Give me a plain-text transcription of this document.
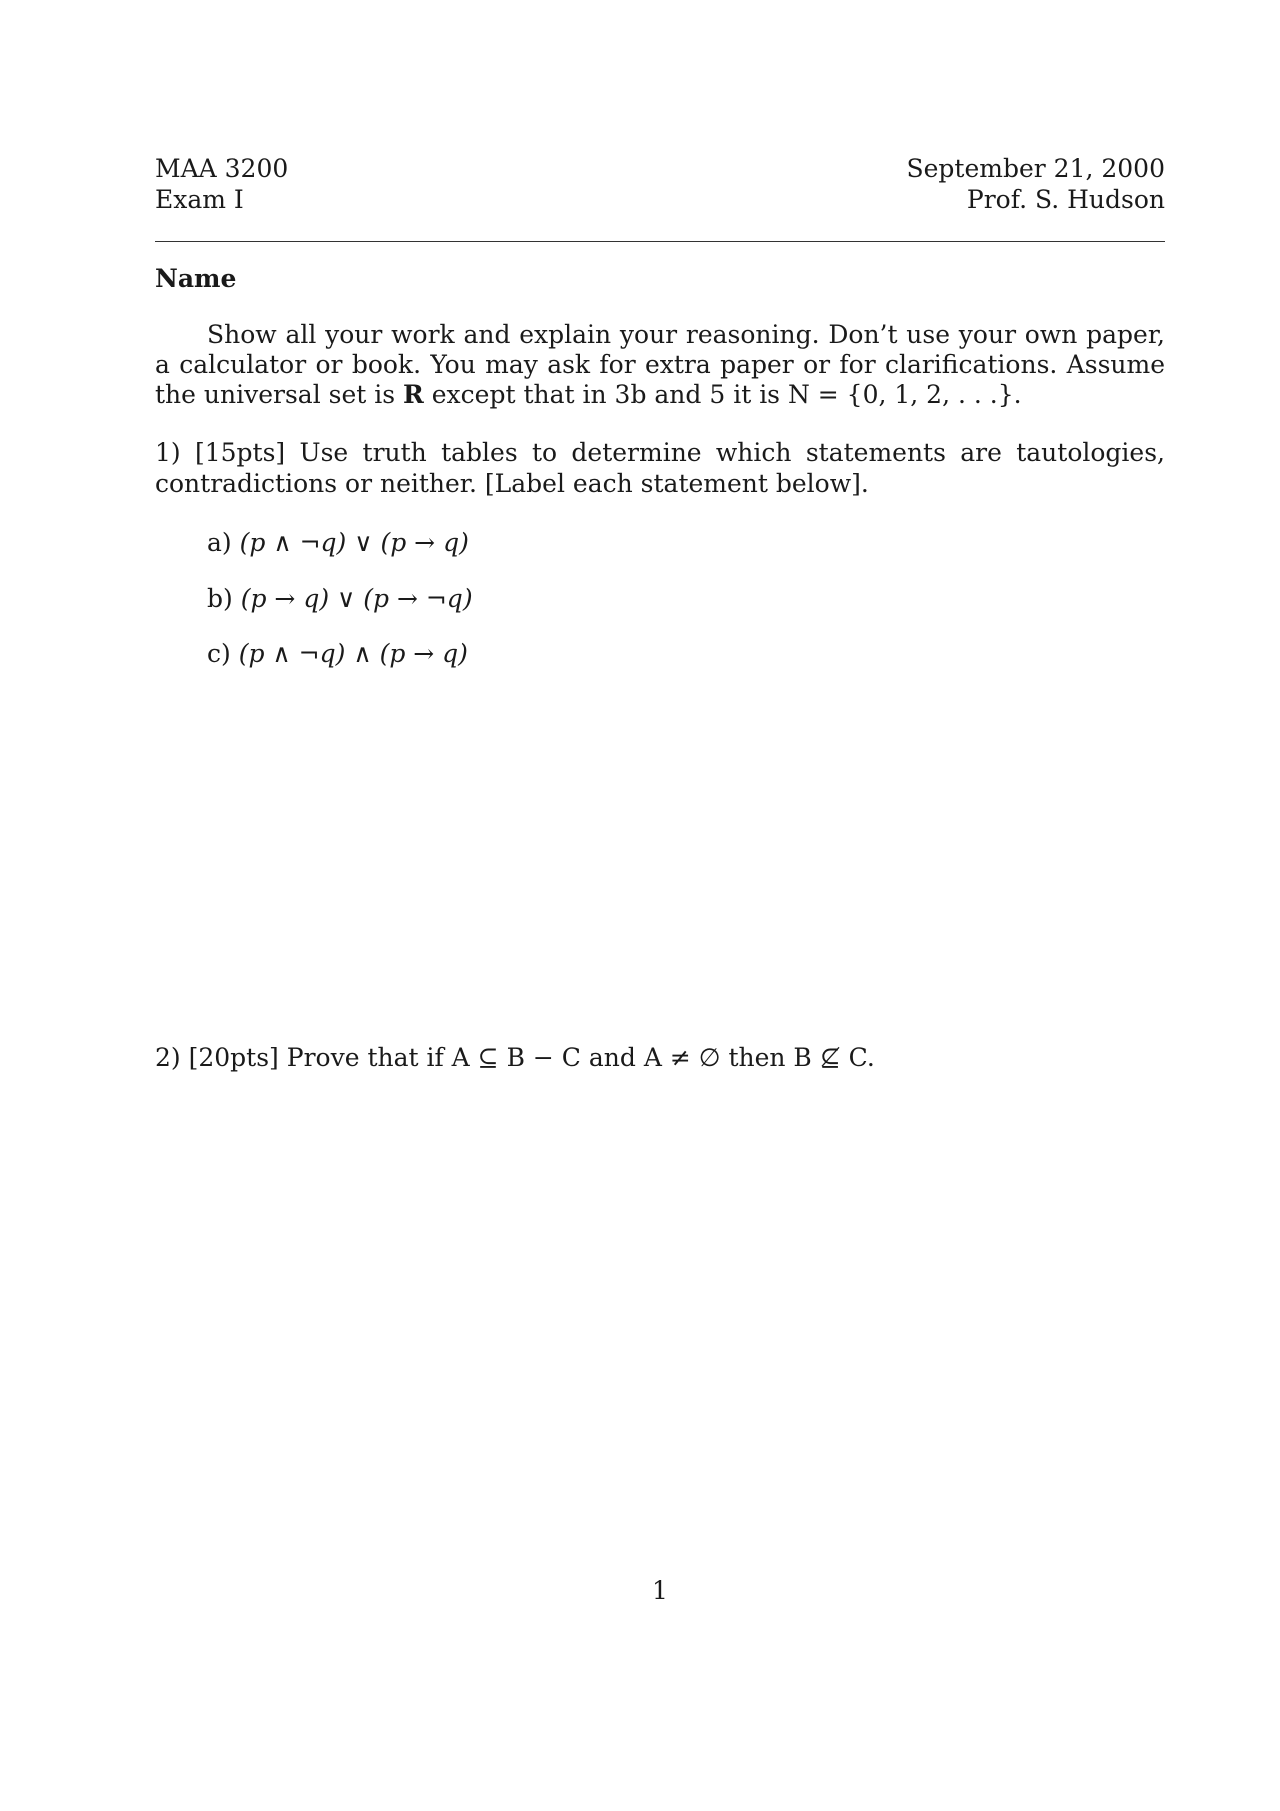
MAA 3200
Exam I
September 21, 2000
Prof. S. Hudson
Name
Show all your work and explain your reasoning. Don’t use your own paper, a calculator or book. You may ask for extra paper or for clarifications. Assume the universal set is R except that in 3b and 5 it is N = {0, 1, 2, . . .}.
1) [15pts] Use truth tables to determine which statements are tautologies, contradictions or neither. [Label each statement below].
a) (p ∧ ¬q) ∨ (p → q)
b) (p → q) ∨ (p → ¬q)
c) (p ∧ ¬q) ∧ (p → q)
2) [20pts] Prove that if A ⊆ B − C and A ≠ ∅ then B ⊈ C.
1
